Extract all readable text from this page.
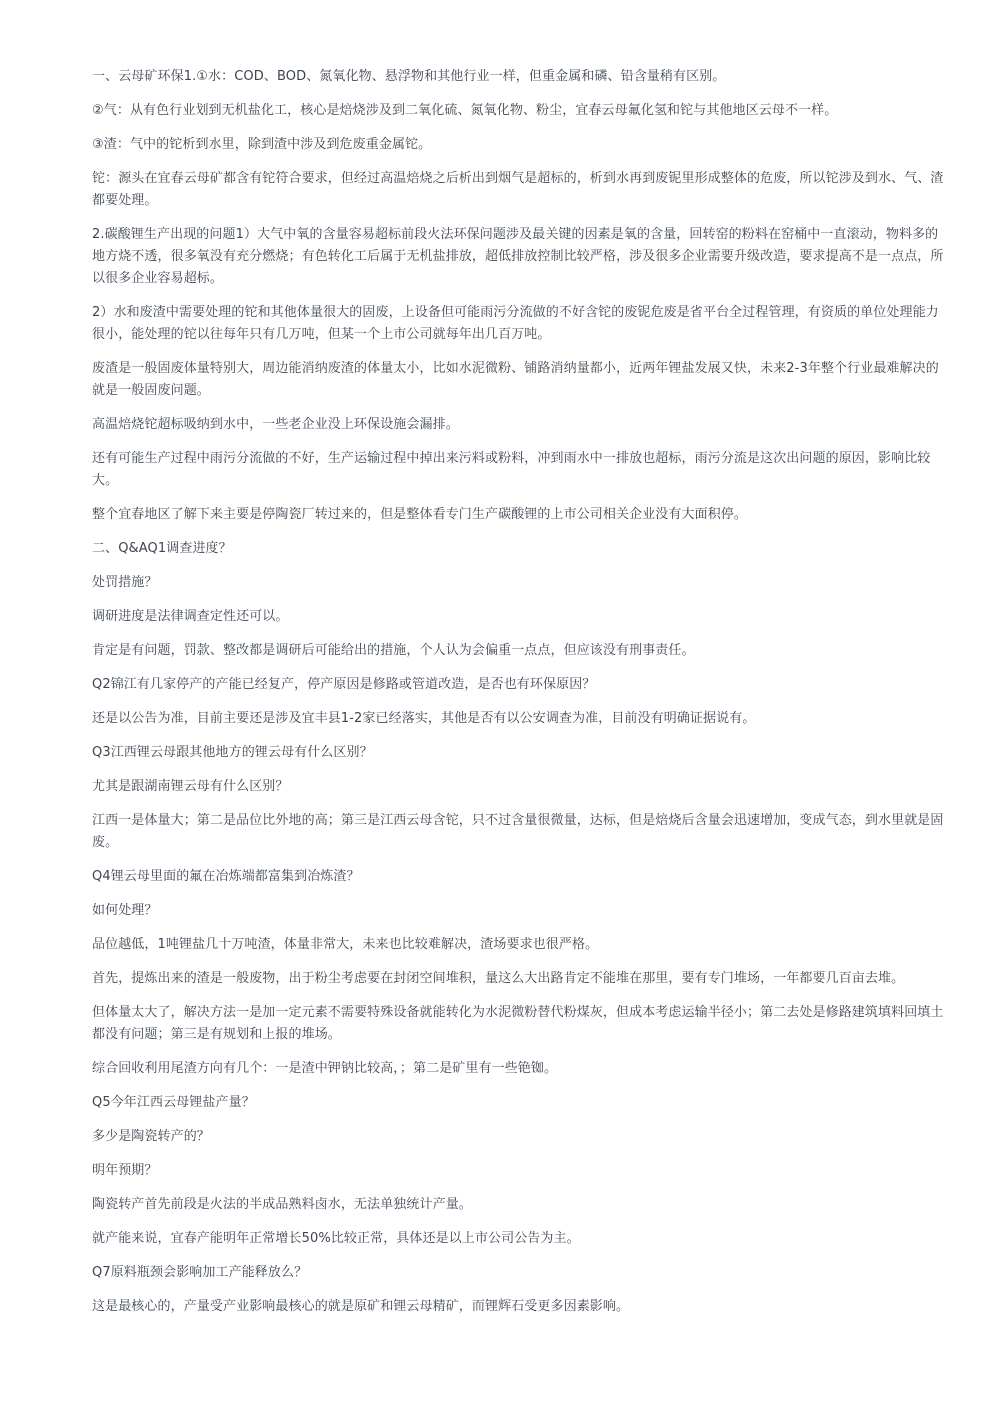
一、云母矿环保1.①水：COD、BOD、氮氧化物、悬浮物和其他行业一样，但重金属和磷、铅含量稍有区别。

②气：从有色行业划到无机盐化工，核心是焙烧涉及到二氧化硫、氮氧化物、粉尘，宜春云母氟化氢和铊与其他地区云母不一样。

③渣：气中的铊析到水里，除到渣中涉及到危废重金属铊。

铊：源头在宜春云母矿都含有铊符合要求，但经过高温焙烧之后析出到烟气是超标的，析到水再到废铌里形成整体的危废，所以铊涉及到水、气、渣都要处理。

2.碳酸锂生产出现的问题1）大气中氧的含量容易超标前段火法环保问题涉及最关键的因素是氧的含量，回转窑的粉料在窑桶中一直滚动，物料多的地方烧不透，很多氧没有充分燃烧；有色转化工后属于无机盐排放，超低排放控制比较严格，涉及很多企业需要升级改造，要求提高不是一点点，所以很多企业容易超标。

2）水和废渣中需要处理的铊和其他体量很大的固废，上设备但可能雨污分流做的不好含铊的废铌危废是省平台全过程管理，有资质的单位处理能力很小，能处理的铊以往每年只有几万吨，但某一个上市公司就每年出几百万吨。

废渣是一般固废体量特别大，周边能消纳废渣的体量太小，比如水泥微粉、铺路消纳量都小，近两年锂盐发展又快，未来2-3年整个行业最难解决的就是一般固废问题。

高温焙烧铊超标吸纳到水中，一些老企业没上环保设施会漏排。

还有可能生产过程中雨污分流做的不好，生产运输过程中掉出来污料或粉料，冲到雨水中一排放也超标，雨污分流是这次出问题的原因，影响比较大。

整个宜春地区了解下来主要是停陶瓷厂转过来的，但是整体看专门生产碳酸锂的上市公司相关企业没有大面积停。

二、Q&AQ1调查进度？

处罚措施？

调研进度是法律调查定性还可以。

肯定是有问题，罚款、整改都是调研后可能给出的措施，个人认为会偏重一点点，但应该没有刑事责任。

Q2锦江有几家停产的产能已经复产，停产原因是修路或管道改造，是否也有环保原因？

还是以公告为准，目前主要还是涉及宜丰县1-2家已经落实，其他是否有以公安调查为准，目前没有明确证据说有。

Q3江西锂云母跟其他地方的锂云母有什么区别？

尤其是跟湖南锂云母有什么区别？

江西一是体量大；第二是品位比外地的高；第三是江西云母含铊，只不过含量很微量，达标，但是焙烧后含量会迅速增加，变成气态，到水里就是固废。

Q4锂云母里面的氟在冶炼端都富集到冶炼渣？

如何处理？

品位越低，1吨锂盐几十万吨渣，体量非常大，未来也比较难解决，渣场要求也很严格。

首先，提炼出来的渣是一般废物，出于粉尘考虑要在封闭空间堆积，量这么大出路肯定不能堆在那里，要有专门堆场，一年都要几百亩去堆。

但体量太大了，解决方法一是加一定元素不需要特殊设备就能转化为水泥微粉替代粉煤灰，但成本考虑运输半径小；第二去处是修路建筑填料回填土都没有问题；第三是有规划和上报的堆场。

综合回收利用尾渣方向有几个：一是渣中钾钠比较高，；第二是矿里有一些铯铷。

Q5今年江西云母锂盐产量？

多少是陶瓷转产的？

明年预期？

陶瓷转产首先前段是火法的半成品熟料卤水，无法单独统计产量。

就产能来说，宜春产能明年正常增长50%比较正常，具体还是以上市公司公告为主。

Q7原料瓶颈会影响加工产能释放么？

这是最核心的，产量受产业影响最核心的就是原矿和锂云母精矿，而锂辉石受更多因素影响。
